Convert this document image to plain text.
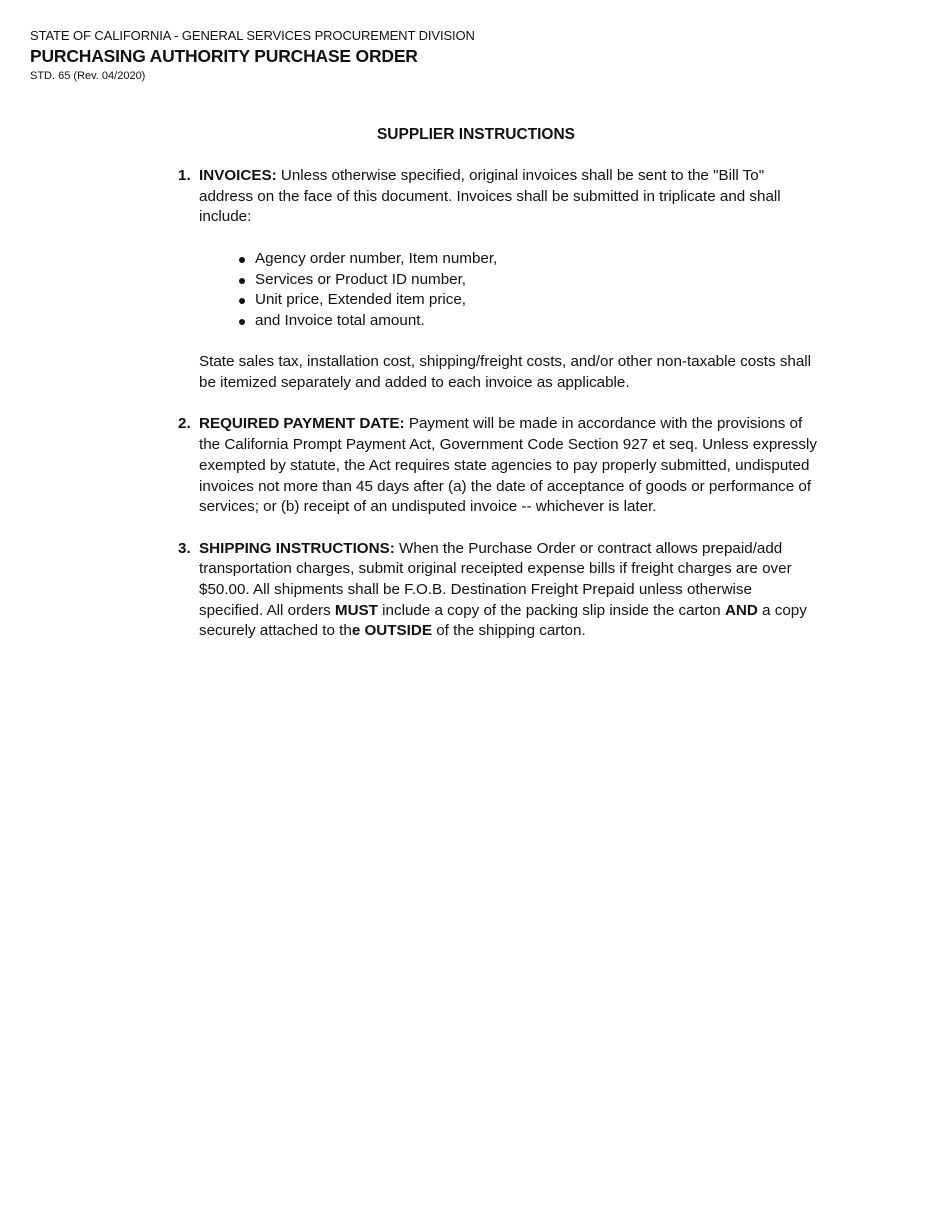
STATE OF CALIFORNIA - GENERAL SERVICES PROCUREMENT DIVISION
PURCHASING AUTHORITY PURCHASE ORDER
STD. 65 (Rev. 04/2020)
SUPPLIER INSTRUCTIONS
1. INVOICES: Unless otherwise specified, original invoices shall be sent to the "Bill To" address on the face of this document. Invoices shall be submitted in triplicate and shall include:

Agency order number, Item number,
Services or Product ID number,
Unit price, Extended item price,
and Invoice total amount.

State sales tax, installation cost, shipping/freight costs, and/or other non-taxable costs shall be itemized separately and added to each invoice as applicable.

2. REQUIRED PAYMENT DATE: Payment will be made in accordance with the provisions of the California Prompt Payment Act, Government Code Section 927 et seq. Unless expressly exempted by statute, the Act requires state agencies to pay properly submitted, undisputed invoices not more than 45 days after (a) the date of acceptance of goods or performance of services; or (b) receipt of an undisputed invoice -- whichever is later.

3. SHIPPING INSTRUCTIONS: When the Purchase Order or contract allows prepaid/add transportation charges, submit original receipted expense bills if freight charges are over $50.00. All shipments shall be F.O.B. Destination Freight Prepaid unless otherwise specified. All orders MUST include a copy of the packing slip inside the carton AND a copy securely attached to the OUTSIDE of the shipping carton.
